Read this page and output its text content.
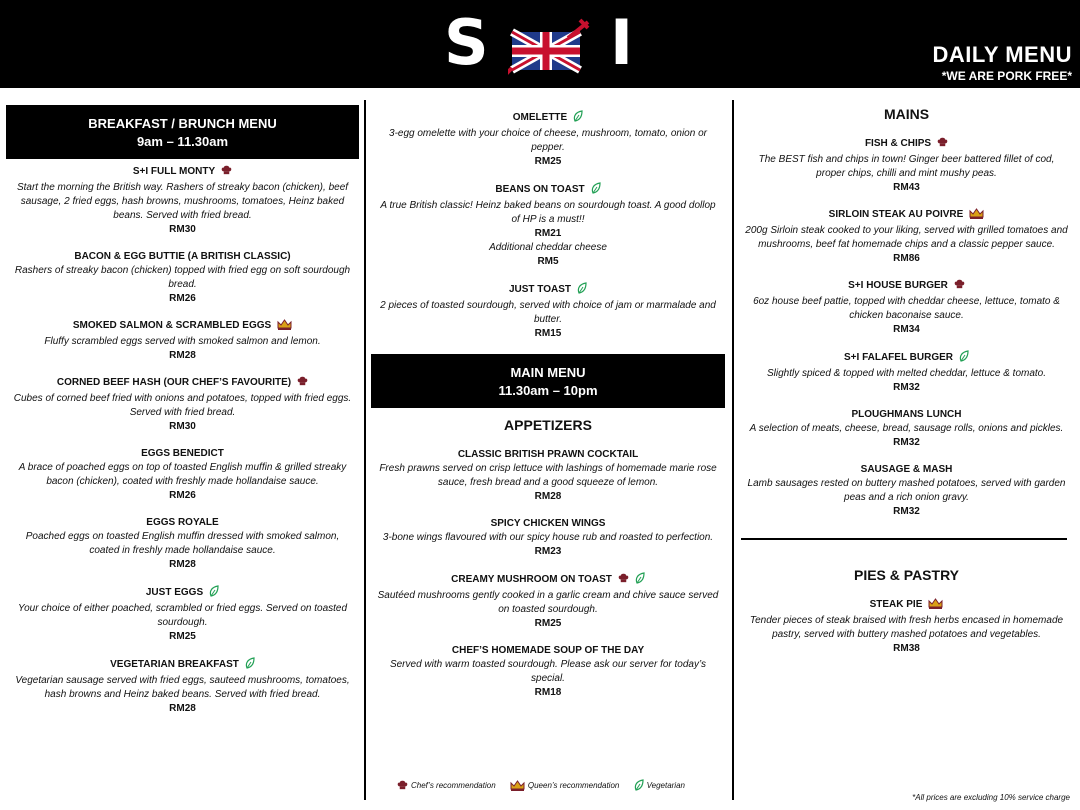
S I	DAILY MENU
*WE ARE PORK FREE*
BREAKFAST / BRUNCH MENU
9am – 11.30am
S+I FULL MONTY
Start the morning the British way. Rashers of streaky bacon (chicken), beef sausage, 2 fried eggs, hash browns, mushrooms, tomatoes, Heinz baked beans. Served with fried bread.
RM30
BACON & EGG BUTTIE (A BRITISH CLASSIC)
Rashers of streaky bacon (chicken) topped with fried egg on soft sourdough bread.
RM26
SMOKED SALMON & SCRAMBLED EGGS
Fluffy scrambled eggs served with smoked salmon and lemon.
RM28
CORNED BEEF HASH (OUR CHEF’S FAVOURITE)
Cubes of corned beef fried with onions and potatoes, topped with fried eggs. Served with fried bread.
RM30
EGGS BENEDICT
A brace of poached eggs on top of toasted English muffin & grilled streaky bacon (chicken), coated with freshly made hollandaise sauce.
RM26
EGGS ROYALE
Poached eggs on toasted English muffin dressed with smoked salmon, coated in freshly made hollandaise sauce.
RM28
JUST EGGS
Your choice of either poached, scrambled or fried eggs. Served on toasted sourdough.
RM25
VEGETARIAN BREAKFAST
Vegetarian sausage served with fried eggs, sauteed mushrooms, tomatoes, hash browns and Heinz baked beans. Served with fried bread.
RM28
OMELETTE
3-egg omelette with your choice of cheese, mushroom, tomato, onion or pepper.
RM25
BEANS ON TOAST
A true British classic! Heinz baked beans on sourdough toast. A good dollop of HP is a must!!
RM21
Additional cheddar cheese
RM5
JUST TOAST
2 pieces of toasted sourdough, served with choice of jam or marmalade and butter.
RM15
MAIN MENU
11.30am – 10pm
APPETIZERS
CLASSIC BRITISH PRAWN COCKTAIL
Fresh prawns served on crisp lettuce with lashings of homemade marie rose sauce, fresh bread and a good squeeze of lemon.
RM28
SPICY CHICKEN WINGS
3-bone wings flavoured with our spicy house rub and roasted to perfection.
RM23
CREAMY MUSHROOM ON TOAST
Sautéed mushrooms gently cooked in a garlic cream and chive sauce served on toasted sourdough.
RM25
CHEF’S HOMEMADE SOUP OF THE DAY
Served with warm toasted sourdough. Please ask our server for today’s special.
RM18
MAINS
FISH & CHIPS
The BEST fish and chips in town! Ginger beer battered fillet of cod, proper chips, chilli and mint mushy peas.
RM43
SIRLOIN STEAK AU POIVRE
200g Sirloin steak cooked to your liking, served with grilled tomatoes and mushrooms, beef fat homemade chips and a classic pepper sauce.
RM86
S+I HOUSE BURGER
6oz house beef pattie, topped with cheddar cheese, lettuce, tomato & chicken baconaise sauce.
RM34
S+I FALAFEL BURGER
Slightly spiced & topped with melted cheddar, lettuce & tomato.
RM32
PLOUGHMANS LUNCH
A selection of meats, cheese, bread, sausage rolls, onions and pickles.
RM32
SAUSAGE & MASH
Lamb sausages rested on buttery mashed potatoes, served with garden peas and a rich onion gravy.
RM32
PIES & PASTRY
STEAK PIE
Tender pieces of steak braised with fresh herbs encased in homemade pastry, served with buttery mashed potatoes and vegetables.
RM38
Chef’s recommendation	Queen’s recommendation	Vegetarian
*All prices are excluding 10% service charge
